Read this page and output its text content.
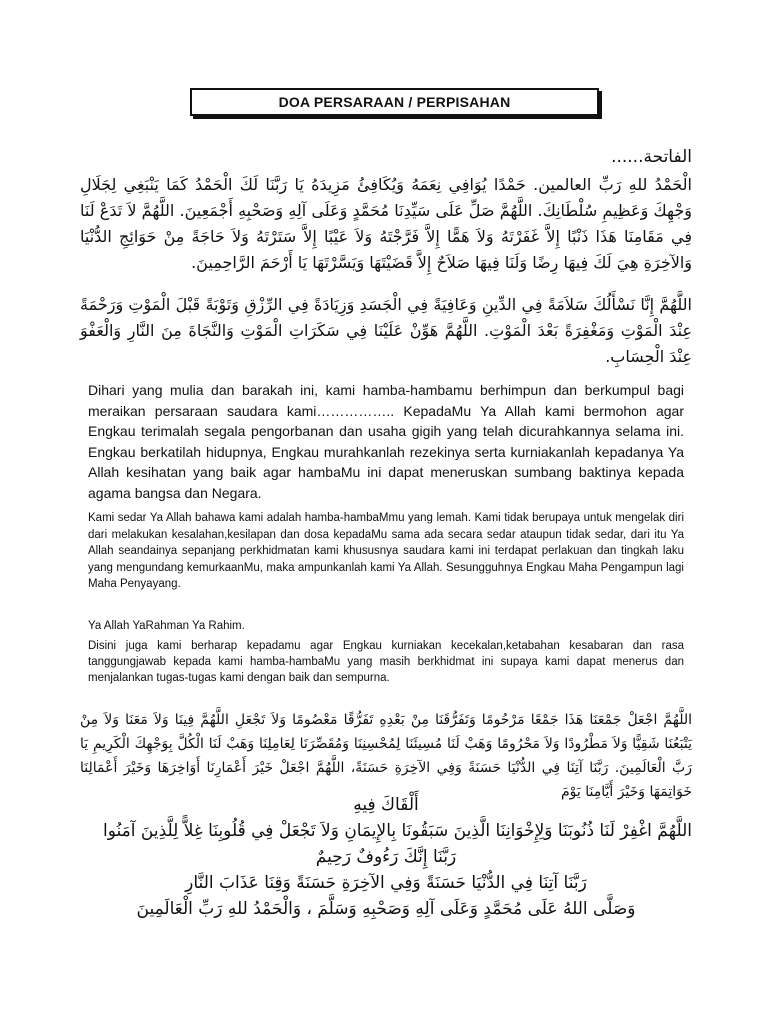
DOA PERSARAAN / PERPISAHAN
الفاتحة......
الْحَمْدُ للهِ رَبِّ العالمين. حَمْدًا يُوَافِي نِعَمَهُ وَيُكَافِئُ مَزِيدَهُ يَا رَبَّنَا لَكَ الْحَمْدُ كَمَا يَنْبَغِي لِجَلَالِ وَجْهِكَ وَعَظِيمِ سُلْطَانِكَ. اللَّهُمَّ صَلِّ عَلَى سَيِّدِنَا مُحَمَّدٍ وَعَلَى آلِهِ وَصَحْبِهِ أَجْمَعِينَ. اللَّهُمَّ لاَ تَدَعْ لَنَا فِي مَقَامِنَا هَذَا ذَنْبًا إِلاَّ غَفَرْتَهُ وَلاَ هَمًّا إِلاَّ فَرَّجْتَهُ وَلاَ عَيْبًا إِلاَّ سَتَرْتَهُ وَلاَ حَاجَةً مِنْ حَوَائِجِ الدُّنْيَا وَالآخِرَةِ هِيَ لَكَ فِيهَا رِضًا وَلَنَا فِيهَا صَلاَحٌ إِلاَّ قَضَيْتَهَا وَيَسَّرْتَهَا يَا أَرْحَمَ الرَّاحِمِينَ.
اللَّهُمَّ إِنَّا نَسْأَلُكَ سَلاَمَةً فِي الدِّينِ وَعَافِيَةً فِي الْجَسَدِ وَزِيَادَةً فِي الرِّزْقِ وَتَوْبَةً قَبْلَ الْمَوْتِ وَرَحْمَةً عِنْدَ الْمَوْتِ وَمَغْفِرَةً بَعْدَ الْمَوْتِ. اللَّهُمَّ هَوِّنْ عَلَيْنَا فِي سَكَرَاتِ الْمَوْتِ وَالنَّجَاةَ مِنَ النَّارِ وَالْعَفْوَ عِنْدَ الْحِسَابِ.
Dihari yang mulia dan barakah ini, kami hamba-hambamu berhimpun dan berkumpul bagi meraikan persaraan saudara kami…………….. KepadaMu Ya Allah kami bermohon agar Engkau terimalah segala pengorbanan dan usaha gigih yang telah dicurahkannya selama ini. Engkau berkatilah hidupnya, Engkau murahkanlah rezekinya serta kurniakanlah kepadanya Ya Allah kesihatan yang baik agar hambaMu ini dapat meneruskan sumbang baktinya kepada agama bangsa dan Negara.
Kami sedar Ya Allah bahawa kami adalah hamba-hambaMmu yang lemah. Kami tidak berupaya untuk mengelak diri dari melakukan kesalahan,kesilapan dan dosa kepadaMu sama ada secara sedar ataupun tidak sedar, dari itu Ya Allah seandainya sepanjang perkhidmatan kami khususnya saudara kami ini terdapat perlakuan dan tingkah laku yang mengundang kemurkaanMu, maka ampunkanlah kami Ya Allah. Sesungguhnya Engkau Maha Pengampun lagi Maha Penyayang.
Ya Allah YaRahman Ya Rahim.
Disini juga kami berharap kepadamu agar Engkau kurniakan kecekalan,ketabahan kesabaran dan rasa tanggungjawab kepada kami hamba-hambaMu yang masih berkhidmat ini supaya kami dapat menerus dan menjalankan tugas-tugas kami dengan baik dan sempurna.
اللَّهُمَّ اجْعَلْ جَمْعَنَا هَذَا جَمْعًا مَرْحُومًا وَتَفَرُّقَنَا مِنْ بَعْدِهِ تَفَرُّقًا مَعْصُومًا وَلاَ تَجْعَلِ اللَّهُمَّ فِينَا وَلاَ مَعَنَا وَلاَ مِنْ يَتْبَعُنَا شَقِيًّا وَلاَ مَطْرُودًا وَلاَ مَحْرُومًا وَهَبْ لَنَا مُسِيئَنَا لِمُحْسِنِنَا وَمُقَصِّرَنَا لِعَامِلِنَا وَهَبْ لَنَا الْكُلَّ بِوَجْهِكَ الْكَرِيمِ يَا رَبَّ الْعَالَمِينَ. رَبَّنَا آتِنَا فِي الدُّنْيَا حَسَنَةً وَفِي الآخِرَةِ حَسَنَةً، اللَّهُمَّ اجْعَلْ خَيْرَ أَعْمَارِنَا أَوَاخِرَهَا وَخَيْرَ أَعْمَالِنَا خَوَاتِمَهَا وَخَيْرَ أَيَّامِنَا يَوْمَ
أَلْقَاكَ فِيهِ
اللَّهُمَّ اغْفِرْ لَنَا ذُنُوبَنَا وَلِإِخْوَانِنَا الَّذِينَ سَبَقُونَا بِالإِيمَانِ وَلاَ تَجْعَلْ فِي قُلُوبِنَا غِلاًّ لِلَّذِينَ آمَنُوا رَبَّنَا إِنَّكَ رَءُوفٌ رَحِيمٌ
رَبَّنَا آتِنَا فِي الدُّنْيَا حَسَنَةً وَفِي الآخِرَةِ حَسَنَةً وَقِنَا عَذَابَ النَّارِ
وَصَلَّى اللهُ عَلَى مُحَمَّدٍ وَعَلَى آلِهِ وَصَحْبِهِ وَسَلَّمَ ، وَالْحَمْدُ للهِ رَبِّ الْعَالَمِينَ
